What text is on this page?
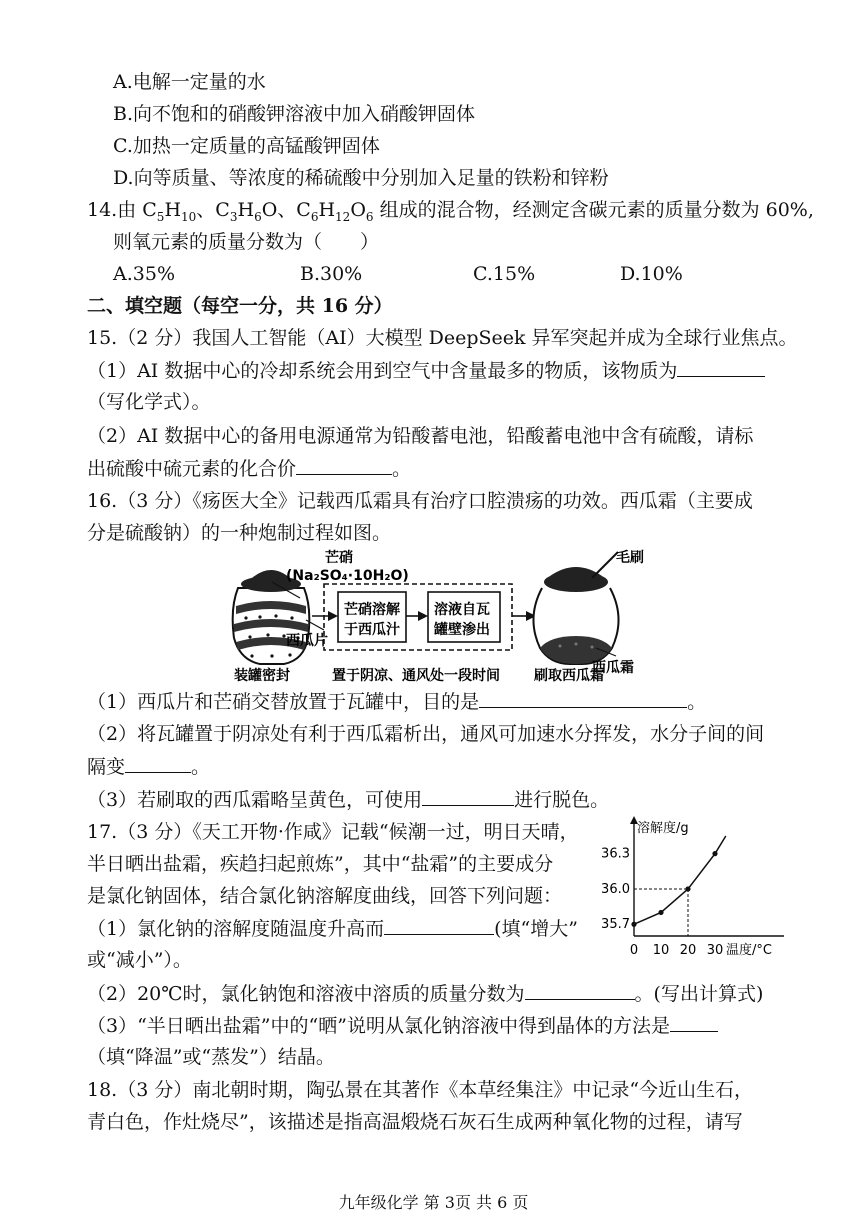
A.电解一定量的水
B.向不饱和的硝酸钾溶液中加入硝酸钾固体
C.加热一定质量的高锰酸钾固体
D.向等质量、等浓度的稀硫酸中分别加入足量的铁粉和锌粉
14.由 $C_5H_{10}$、$C_3H_6O$、$C_6H_{12}O_6$ 组成的混合物，经测定含碳元素的质量分数为 60%,
则氧元素的质量分数为（　　）
A.35%	B.30%	C.15%	D.10%
二、填空题（每空一分，共 16 分）
15.（2 分）我国人工智能（AI）大模型 DeepSeek 异军突起并成为全球行业焦点。
（1）AI 数据中心的冷却系统会用到空气中含量最多的物质，该物质为
（写化学式）。
（2）AI 数据中心的备用电源通常为铅酸蓄电池，铅酸蓄电池中含有硫酸，请标
出硫酸中硫元素的化合价	。
16.（3 分）《疡医大全》记载西瓜霜具有治疗口腔溃疡的功效。西瓜霜（主要成
分是硫酸钠）的一种炮制过程如图。
西瓜片
芒硝
(Na₂SO₄·10H₂O)
芒硝溶解
于西瓜汁
溶液自瓦
罐壁渗出
毛刷
西瓜霜
装罐密封	置于阴凉、通风处一段时间 刷取西瓜霜
（1）西瓜片和芒硝交替放置于瓦罐中，目的是	。
（2）将瓦罐置于阴凉处有利于西瓜霜析出，通风可加速水分挥发，水分子间的间
隔变	。
（3）若刷取的西瓜霜略呈黄色，可使用	进行脱色。
17.（3 分）《天工开物·作咸》记载“候潮一过，明日天晴，
半日晒出盐霜，疾趋扫起煎炼”，其中“盐霜”的主要成分
是氯化钠固体，结合氯化钠溶解度曲线，回答下列问题：
（1）氯化钠的溶解度随温度升高而	(填“增大”
或“减小”）。
溶解度/g
温度/°C
0 10 20 30
35.7
36.0
36.3
（2）20℃时，氯化钠饱和溶液中溶质的质量分数为	。(写出计算式)
（3）“半日晒出盐霜”中的“晒”说明从氯化钠溶液中得到晶体的方法是
（填“降温”或“蒸发”）结晶。
18.（3 分）南北朝时期，陶弘景在其著作《本草经集注》中记录“今近山生石，
青白色，作灶烧尽”，该描述是指高温煅烧石灰石生成两种氧化物的过程，请写
九年级化学 第 3页 共 6 页
